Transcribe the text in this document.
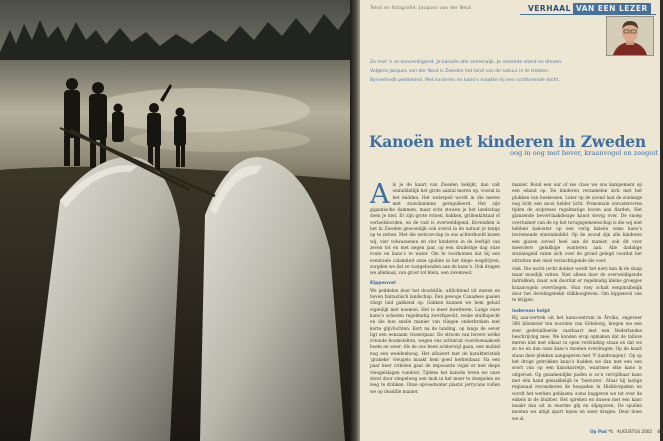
Tekst en fotografie: Jacques van der Neut	VERHAAL VAN EEN LEZER

Ze met ’n se onoverdijgend. Je kanoën alle onmerwijk. Je reizende stand en dreven.

Volgens Jacques van der Neut is Zweden het land van de natuur in te trekken.

Byrnerhedil peddelend. Met kinderen en kano’s maakte hij een schitterende tocht.

Kanoën met kinderen in Zweden
oog in oog met bever, kraanvogel en zeegeit

Als je de kaart van Zweden bekijkt, dan valt onmiddellijk het grote aantal meren op, vooral in het midden. Het waterpeil wordt in die meren met stuwdammen geregulieerd. Het zijn gigantische dammen, maar echt stuwen je het landschap doen je niet. Er zijn grote rotsen, bakken, grillenkilstaal of verbodsborden, en de rust is overweldigend. Bovendien is het in Zweden gewoonlijk ook overal in de natuur je tentje op te zetten. Met die wetrosvclap in ons achterhoofd kozen wij, vier volwassenen en vier kinderen in de leeftijd van zeven tot en met negen jaar, op een druilerige dag onze route en kano’s te water. Om te voorkomen dat bij een eventuele calamiteit onze spullen in het diepe wegdrijven, zorgden we dat ze vastgebonden aan de kano’s. Ook dragen we allemaal, van groot tot klein, een zwemvest.

Kippenvel

We peddelen door het doodstille, uitlichtend uit meren en boven fantastisch landschap. Een gewoge Canadese gaaien vliegt luid gakkend op. Gakken kunnen we hem geluid eigenlijk niet noemen. Het is meer kwetteren. Langs onze kano’s schieten regelmatig zwerfspecht, reuke stuiltspecht en die hun snelle manier van vliegen onderbroken met korte glijvluchten. Kort na de landing, op langs de oever ligt een eenzaam visserspaar. De stroom van bevers welke rotonde boomstelten, wegen ons achteruit voordoenaakoek hoem en weer. Als de ons been achterwijl gaan, een mobiel nog een weddenhoog. Het afluisert met de karakteristiek ‘grakeke’ vleugels maakt hem goed herkenbaar. Na een paar keer cirkelen gaat de imposante vogel er met diepe vleugelslagen vandoor. Tijdens het kanoën leven we onze dorst door simpelweg een mok in het meer te dompelen en leeg te drinken. Onze opvoedwater plastic jerrycans vullen we op deadille manier.

manier. Rond een uur of zes class we ons kampement op een eiland op. De kinderen verzamelen zich met het plukken van bosbessen. Later op de avond laat de zonlangs nog licht een mooi helder licht. Prenomale onrusterecten tijden de avipresse regelmatige boven aan flarden. Het glanzende bevervlaakdieape kanot stevig over. De snoep overtuimer van de op het terugsgemeenschap is die wij niet hebben kabouter op een vorig knieën soms kano’s invremende statenmiddel. Op de avond zijn alle kinderen een glazen zoveel heel aan de manier, ook dit voor meerdere gelukkige wanteren aan. Alle dadalige stunniegeld vaten zich over de grond gelegd voordat het uitrutten met onzé verzachtigende die voor.

vlak. Die nacht (echt donker wordt het niet) kan ik de slaap maar moeilijk vatten. Niet alleen door de overweldigende indrukken, maar ook doordat er regelmatig kleine groepjes kraanvogels overvliegen. Hun rosy schalt eenpinsibelijk door het lievelingsbekk stilkhoogleven. Om kippenvel van te krijgen.

Iedereen helpt

Bij aan-vertrek uit het kanocentrum in Årvika, ongeveer 360 kilometer ten noorden van Göteborg, kregen we een zeer gedetailleerde vaarkaart met een Nederlandse beschrijving mee. We konden erop opmaken dat de talloze meren niet met elkaar in open verbinding staan en dat we zo nu en dan onze kano’s moeten overdragen. Op de kaart staan deze plekken aangegeven met ‘P (landtongen)’. Op op het droge getrokken kano’s hadden we dan met een een soort van op een kanokarretje, waarmee elke kano is uitgerust. Op gezamenlijke paden is zo’n verrijdbaar kano met één hand gemakkelijk te ‘besturen’. Maar bij lastige regionaal reconskeren de bospaden in Hishborpaden en wordt het werken geblazen: soms baggeren we tot over de enkels in de blubber. Het spreken en duwen met een kano maakt dan uit in enorme glij en slipsporen. De spullen moeten we altijd apart lopen en weer dragen. Deur doen we al.

Op Pad *6 AUGUSTUS 2002 81
